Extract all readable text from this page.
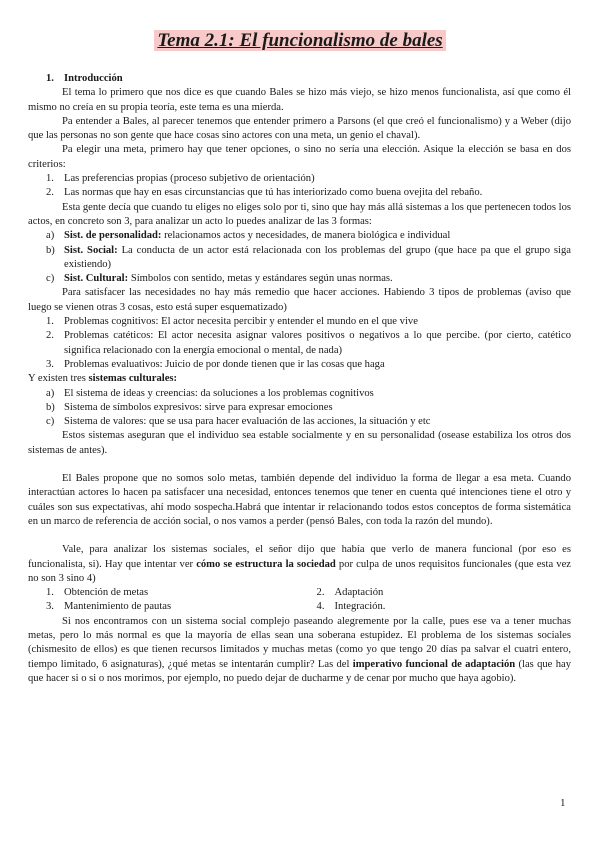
Tema 2.1: El funcionalismo de bales
1. Introducción

El tema lo primero que nos dice es que cuando Bales se hizo más viejo, se hizo menos funcionalista, así que como él mismo no creía en su propia teoría, este tema es una mierda.

Pa entender a Bales, al parecer tenemos que entender primero a Parsons (el que creó el funcionalismo) y a Weber (dijo que las personas no son gente que hace cosas sino actores con una meta, un genio el chaval).

Pa elegir una meta, primero hay que tener opciones, o sino no sería una elección. Asique la elección se basa en dos criterios:

1. Las preferencias propias (proceso subjetivo de orientación)
2. Las normas que hay en esas circunstancias que tú has interiorizado como buena ovejita del rebaño.

Esta gente decía que cuando tu eliges no eliges solo por ti, sino que hay más allá sistemas a los que pertenecen todos los actos, en concreto son 3, para analizar un acto lo puedes analizar de las 3 formas:

a) Sist. de personalidad: relacionamos actos y necesidades, de manera biológica e individual
b) Sist. Social: La conducta de un actor está relacionada con los problemas del grupo (que hace pa que el grupo siga existiendo)
c) Sist. Cultural: Símbolos con sentido, metas y estándares según unas normas.

Para satisfacer las necesidades no hay más remedio que hacer acciones. Habiendo 3 tipos de problemas (aviso que luego se vienen otras 3 cosas, esto está super esquematizado)

1. Problemas cognitivos: El actor necesita percibir y entender el mundo en el que vive
2. Problemas catéticos: El actor necesita asignar valores positivos o negativos a lo que percibe. (por cierto, catético significa relacionado con la energía emocional o mental, de nada)
3. Problemas evaluativos: Juicio de por donde tienen que ir las cosas que haga

Y existen tres sistemas culturales:

a) El sistema de ideas y creencias: da soluciones a los problemas cognitivos
b) Sistema de símbolos expresivos: sirve para expresar emociones
c) Sistema de valores: que se usa para hacer evaluación de las acciones, la situación y etc

Estos sistemas aseguran que el individuo sea estable socialmente y en su personalidad (osease estabiliza los otros dos sistemas de antes).

El Bales propone que no somos solo metas, también depende del individuo la forma de llegar a esa meta. Cuando interactúan actores lo hacen pa satisfacer una necesidad, entonces tenemos que tener en cuenta qué intenciones tiene el otro y cuáles son sus expectativas, ahí modo sospecha.Habrá que intentar ir relacionando todos estos conceptos de forma sistemática en un marco de referencia de acción social, o nos vamos a perder (pensó Bales, con toda la razón del mundo).

Vale, para analizar los sistemas sociales, el señor dijo que había que verlo de manera funcional (por eso es funcionalista, si). Hay que intentar ver cómo se estructura la sociedad por culpa de unos requisitos funcionales (que esta vez no son 3 sino 4)

1. Obtención de metas	2. Adaptación
3. Mantenimiento de pautas	4. Integración.

Si nos encontramos con un sistema social complejo paseando alegremente por la calle, pues ese va a tener muchas metas, pero lo más normal es que la mayoría de ellas sean una soberana estupidez. El problema de los sistemas sociales (chismesito de ellos) es que tienen recursos limitados y muchas metas (como yo que tengo 20 días pa salvar el cuatri entero, tiempo limitado, 6 asignaturas), ¿qué metas se intentarán cumplir? Las del imperativo funcional de adaptación (las que hay que hacer si o si o nos morimos, por ejemplo, no puedo dejar de ducharme y de cenar por mucho que haya agobio).

1
